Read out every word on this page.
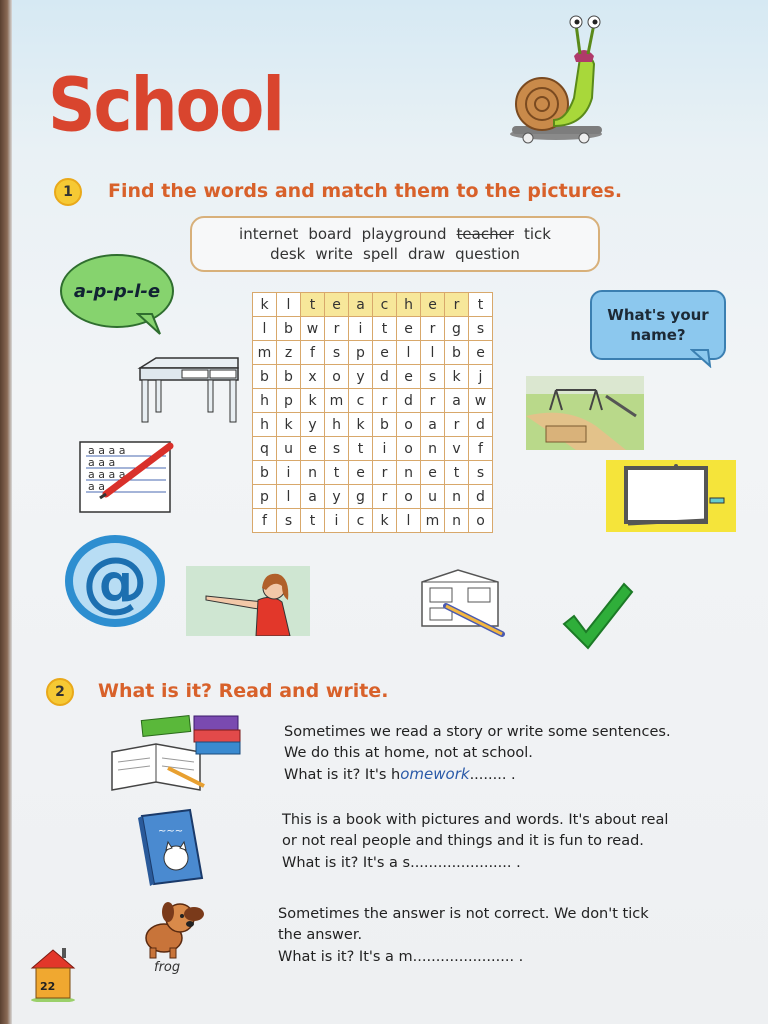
School
1	Find the words and match them to the pictures.
internet board playground teacher tick
desk write spell draw question
a-p-p-l-e
What's your
name?
k	l	t	e	a	c	h	e	r	t
l	b	w	r	i	t	e	r	g	s
m	z	f	s	p	e	l	l	b	e
b	b	x	o	y	d	e	s	k	j
h	p	k	m	c	r	d	r	a	w
h	k	y	h	k	b	o	a	r	d
q	u	e	s	t	i	o	n	v	f
b	i	n	t	e	r	n	e	t	s
p	l	a	y	g	r	o	u	n	d
f	s	t	i	c	k	l	m	n	o
a a a a
a a a
a a a a
a a
@
2	What is it? Read and write.
~~~
frog
Sometimes we read a story or write some sentences.
We do this at home, not at school.
What is it? It's homework........ .
This is a book with pictures and words. It's about real
or not real people and things and it is fun to read.
What is it? It's a s...................... .
Sometimes the answer is not correct. We don't tick
the answer.
What is it? It's a m...................... .
22
